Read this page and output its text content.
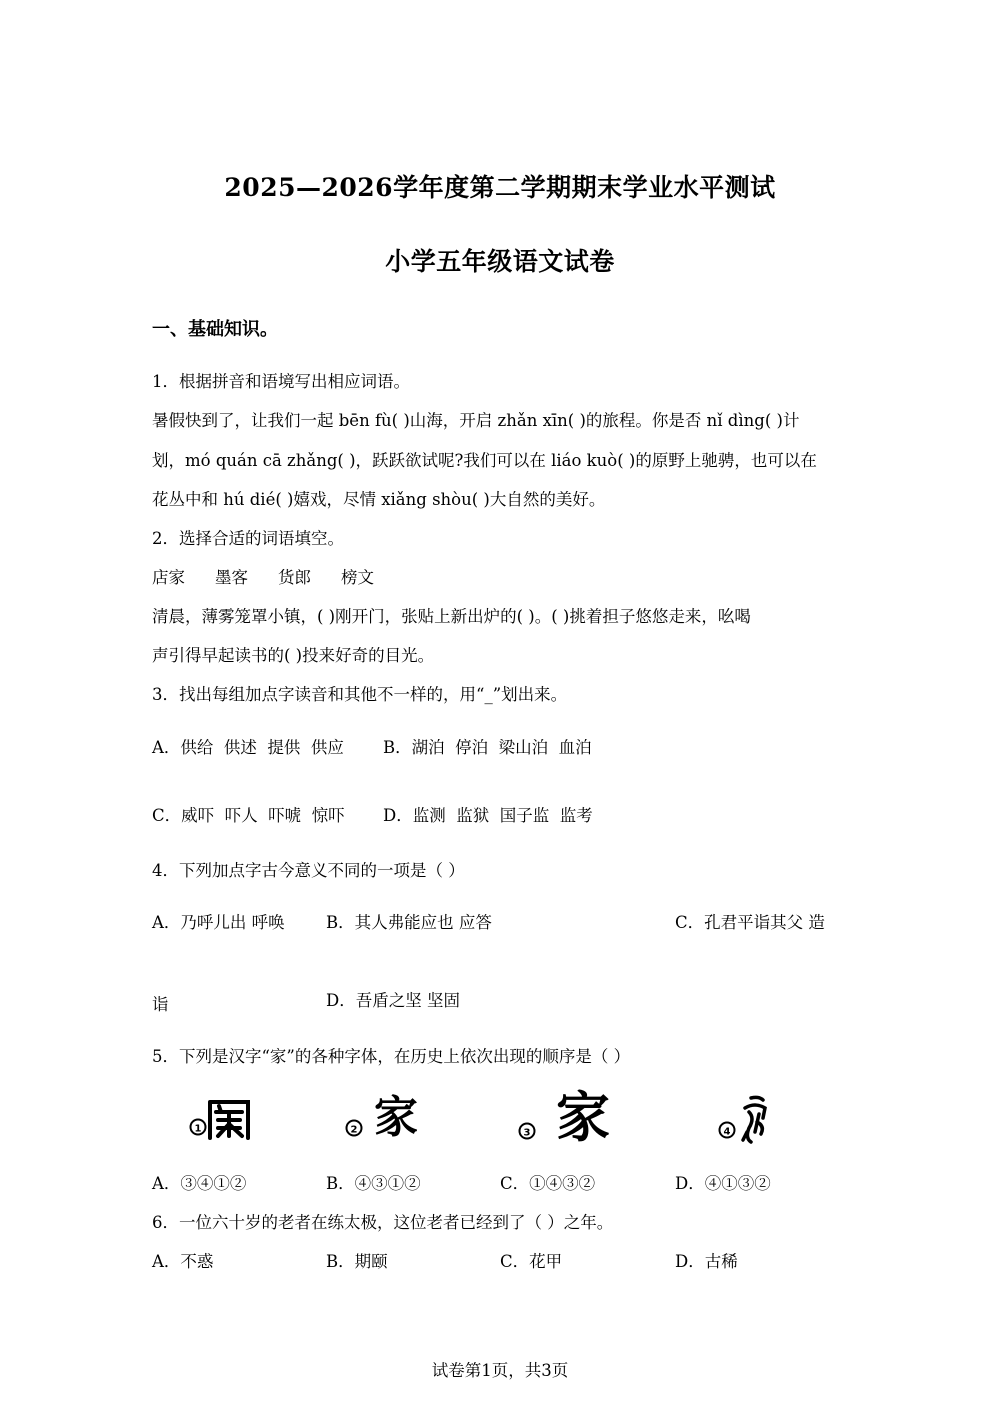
2025—2026学年度第二学期期末学业水平测试
小学五年级语文试卷
一、基础知识。
1．根据拼音和语境写出相应词语。
暑假快到了，让我们一起 bēn fù( )山海，开启 zhǎn xīn( )的旅程。你是否 nǐ dìng( )计
划，mó quán cā zhǎng( )，跃跃欲试呢?我们可以在 liáo kuò( )的原野上驰骋，也可以在
花丛中和 hú dié( )嬉戏，尽情 xiǎng shòu( )大自然的美好。
2．选择合适的词语填空。
店家 墨客 货郎 榜文
清晨，薄雾笼罩小镇，( )刚开门，张贴上新出炉的( )。( )挑着担子悠悠走来，吆喝
声引得早起读书的( )投来好奇的目光。
3．找出每组加点字读音和其他不一样的，用“_”划出来。
A．供给 供述 提供 供应 B．湖泊 停泊 梁山泊 血泊
C．威吓 吓人 吓唬 惊吓 D．监测 监狱 国子监 监考
4．下列加点字古今意义不同的一项是（ ）
A．乃呼儿出 呼唤	B．其人弗能应也 应答	C．孔君平诣其父 造
诣	D．吾盾之坚 坚固
5．下列是汉字“家”的各种字体，在历史上依次出现的顺序是（ ）
1	2 家	3 家	4
A．③④①②	B．④③①②	C．①④③②	D．④①③②
6．一位六十岁的老者在练太极，这位老者已经到了（ ）之年。
A．不惑	B．期颐	C．花甲	D．古稀
试卷第1页，共3页
